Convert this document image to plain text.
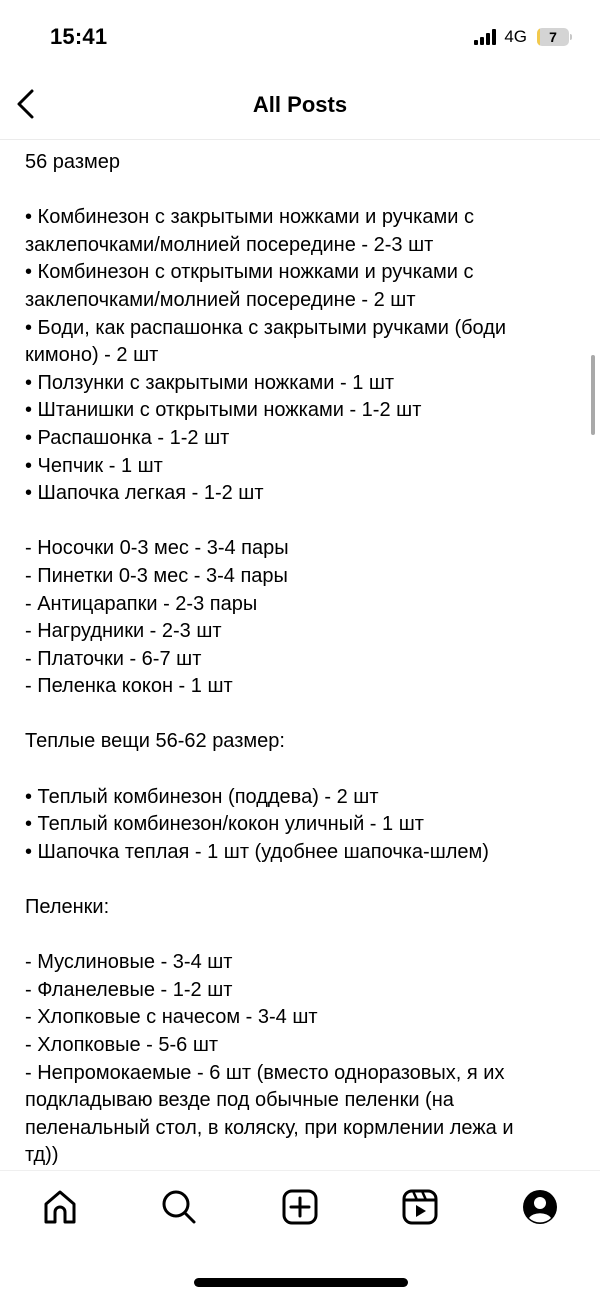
15:41	4G 7
All Posts
56 размер
• Комбинезон с закрытыми ножками и ручками с
заклепочками/молнией посередине - 2-3 шт
• Комбинезон с открытыми ножками и ручками с
заклепочками/молнией посередине - 2 шт
• Боди, как распашонка с закрытыми ручками (боди
кимоно) - 2 шт
• Ползунки с закрытыми ножками - 1 шт
• Штанишки с открытыми ножками - 1-2 шт
• Распашонка - 1-2 шт
• Чепчик - 1 шт
• Шапочка легкая - 1-2 шт
- Носочки 0-3 мес - 3-4 пары
- Пинетки 0-3 мес - 3-4 пары
- Антицарапки - 2-3 пары
- Нагрудники - 2-3 шт
- Платочки - 6-7 шт
- Пеленка кокон - 1 шт
Теплые вещи 56-62 размер:
• Теплый комбинезон (поддева) - 2 шт
• Теплый комбинезон/кокон уличный - 1 шт
• Шапочка теплая - 1 шт (удобнее шапочка-шлем)
Пеленки:
- Муслиновые - 3-4 шт
- Фланелевые - 1-2 шт
- Хлопковые с начесом - 3-4 шт
- Хлопковые - 5-6 шт
- Непромокаемые - 6 шт (вместо одноразовых, я их
подкладываю везде под обычные пеленки (на
пеленальный стол, в коляску, при кормлении лежа и
тд))
